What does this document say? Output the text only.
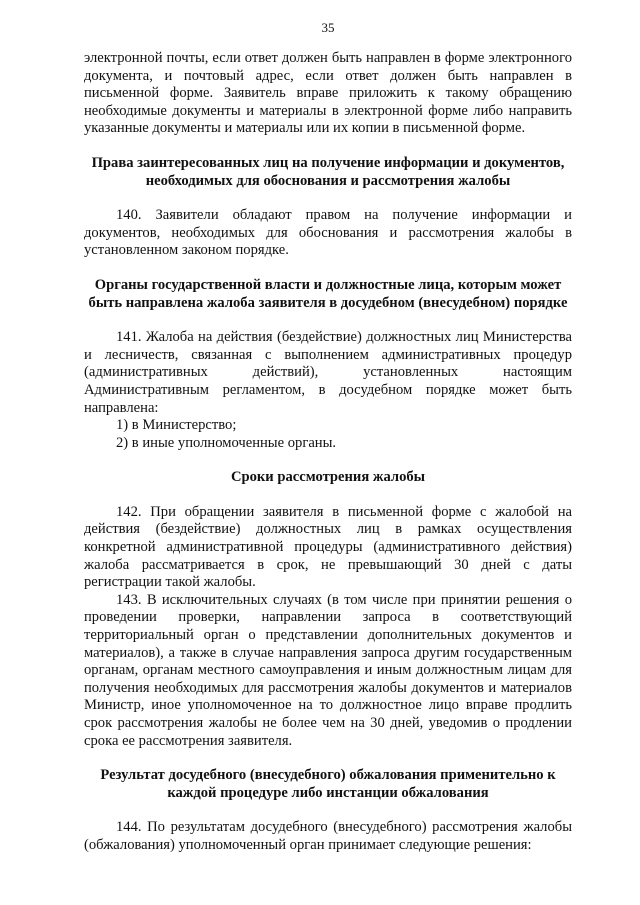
35

электронной почты, если ответ должен быть направлен в форме электронного документа, и почтовый адрес, если ответ должен быть направлен в письменной форме. Заявитель вправе приложить к такому обращению необходимые документы и материалы в электронной форме либо направить указанные документы и материалы или их копии в письменной форме.

Права заинтересованных лиц на получение информации и документов, необходимых для обоснования и рассмотрения жалобы

140. Заявители обладают правом на получение информации и документов, необходимых для обоснования и рассмотрения жалобы в установленном законом порядке.

Органы государственной власти и должностные лица, которым может быть направлена жалоба заявителя в досудебном (внесудебном) порядке

141. Жалоба на действия (бездействие) должностных лиц Министерства и лесничеств, связанная с выполнением административных процедур (административных действий), установленных настоящим Административным регламентом, в досудебном порядке может быть направлена:

1) в Министерство;

2) в иные уполномоченные органы.

Сроки рассмотрения жалобы

142. При обращении заявителя в письменной форме с жалобой на действия (бездействие) должностных лиц в рамках осуществления конкретной административной процедуры (административного действия) жалоба рассматривается в срок, не превышающий 30 дней с даты регистрации такой жалобы.

143. В исключительных случаях (в том числе при принятии решения о проведении проверки, направлении запроса в соответствующий территориальный орган о представлении дополнительных документов и материалов), а также в случае направления запроса другим государственным органам, органам местного самоуправления и иным должностным лицам для получения необходимых для рассмотрения жалобы документов и материалов Министр, иное уполномоченное на то должностное лицо вправе продлить срок рассмотрения жалобы не более чем на 30 дней, уведомив о продлении срока ее рассмотрения заявителя.

Результат досудебного (внесудебного) обжалования применительно к каждой процедуре либо инстанции обжалования

144. По результатам досудебного (внесудебного) рассмотрения жалобы (обжалования) уполномоченный орган принимает следующие решения:
